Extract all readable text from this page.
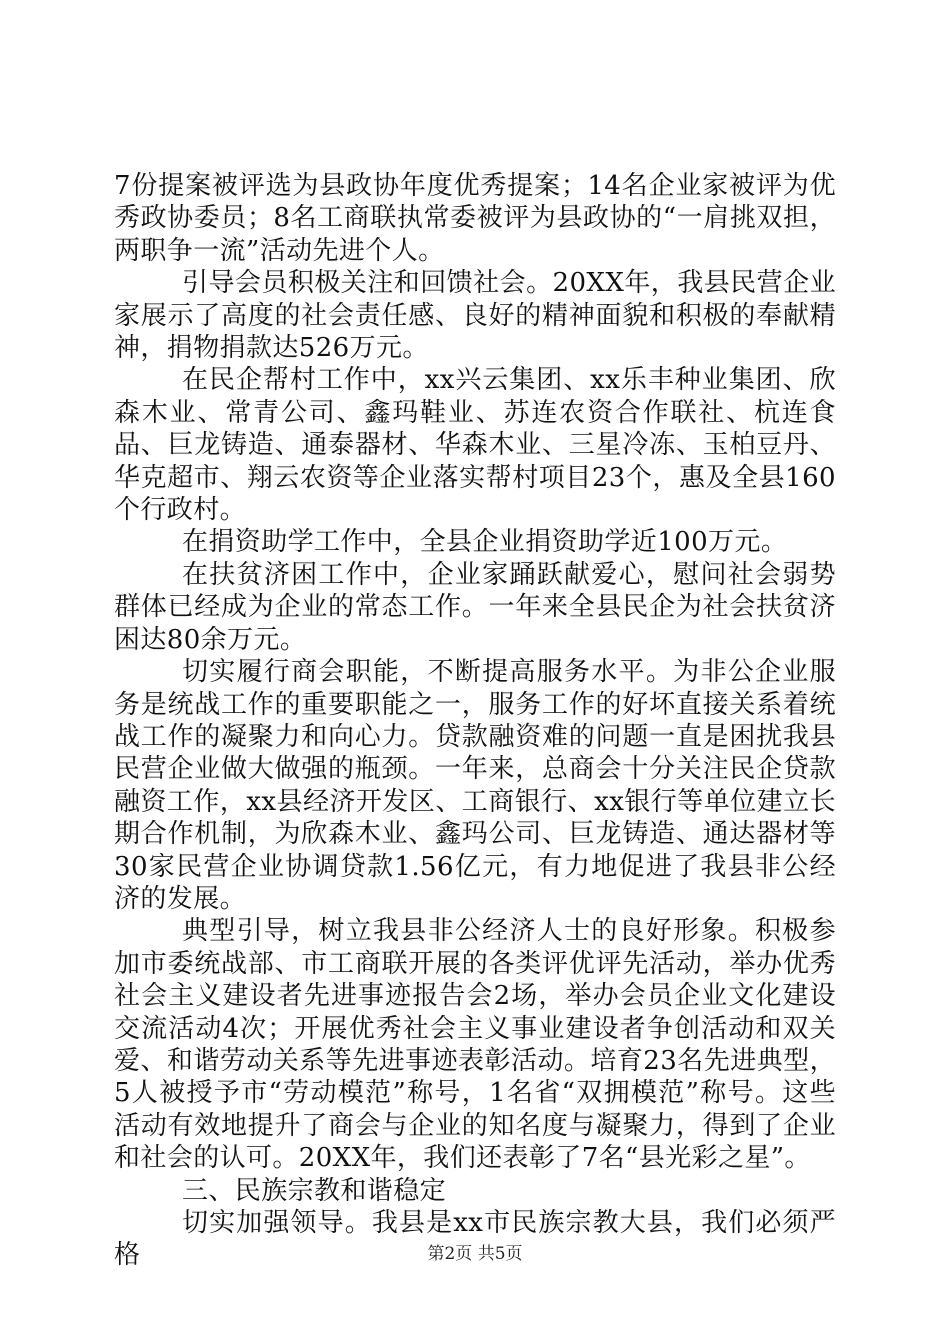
7份提案被评选为县政协年度优秀提案；14名企业家被评为优秀政协委员；8名工商联执常委被评为县政协的“一肩挑双担，两职争一流”活动先进个人。

引导会员积极关注和回馈社会。20XX年，我县民营企业家展示了高度的社会责任感、良好的精神面貌和积极的奉献精神，捐物捐款达526万元。

在民企帮村工作中，xx兴云集团、xx乐丰种业集团、欣森木业、常青公司、鑫玛鞋业、苏连农资合作联社、杭连食品、巨龙铸造、通泰器材、华森木业、三星冷冻、玉柏豆丹、华克超市、翔云农资等企业落实帮村项目23个，惠及全县160个行政村。

在捐资助学工作中，全县企业捐资助学近100万元。

在扶贫济困工作中，企业家踊跃献爱心，慰问社会弱势群体已经成为企业的常态工作。一年来全县民企为社会扶贫济困达80余万元。

切实履行商会职能，不断提高服务水平。为非公企业服务是统战工作的重要职能之一，服务工作的好坏直接关系着统战工作的凝聚力和向心力。贷款融资难的问题一直是困扰我县民营企业做大做强的瓶颈。一年来，总商会十分关注民企贷款融资工作，xx县经济开发区、工商银行、xx银行等单位建立长期合作机制，为欣森木业、鑫玛公司、巨龙铸造、通达器材等30家民营企业协调贷款1.56亿元，有力地促进了我县非公经济的发展。

典型引导，树立我县非公经济人士的良好形象。积极参加市委统战部、市工商联开展的各类评优评先活动，举办优秀社会主义建设者先进事迹报告会2场，举办会员企业文化建设交流活动4次；开展优秀社会主义事业建设者争创活动和双关爱、和谐劳动关系等先进事迹表彰活动。培育23名先进典型，5人被授予市“劳动模范”称号，1名省“双拥模范”称号。这些活动有效地提升了商会与企业的知名度与凝聚力，得到了企业和社会的认可。20XX年，我们还表彰了7名“县光彩之星”。

三、民族宗教和谐稳定

切实加强领导。我县是xx市民族宗教大县，我们必须严格	第2页 共5页
